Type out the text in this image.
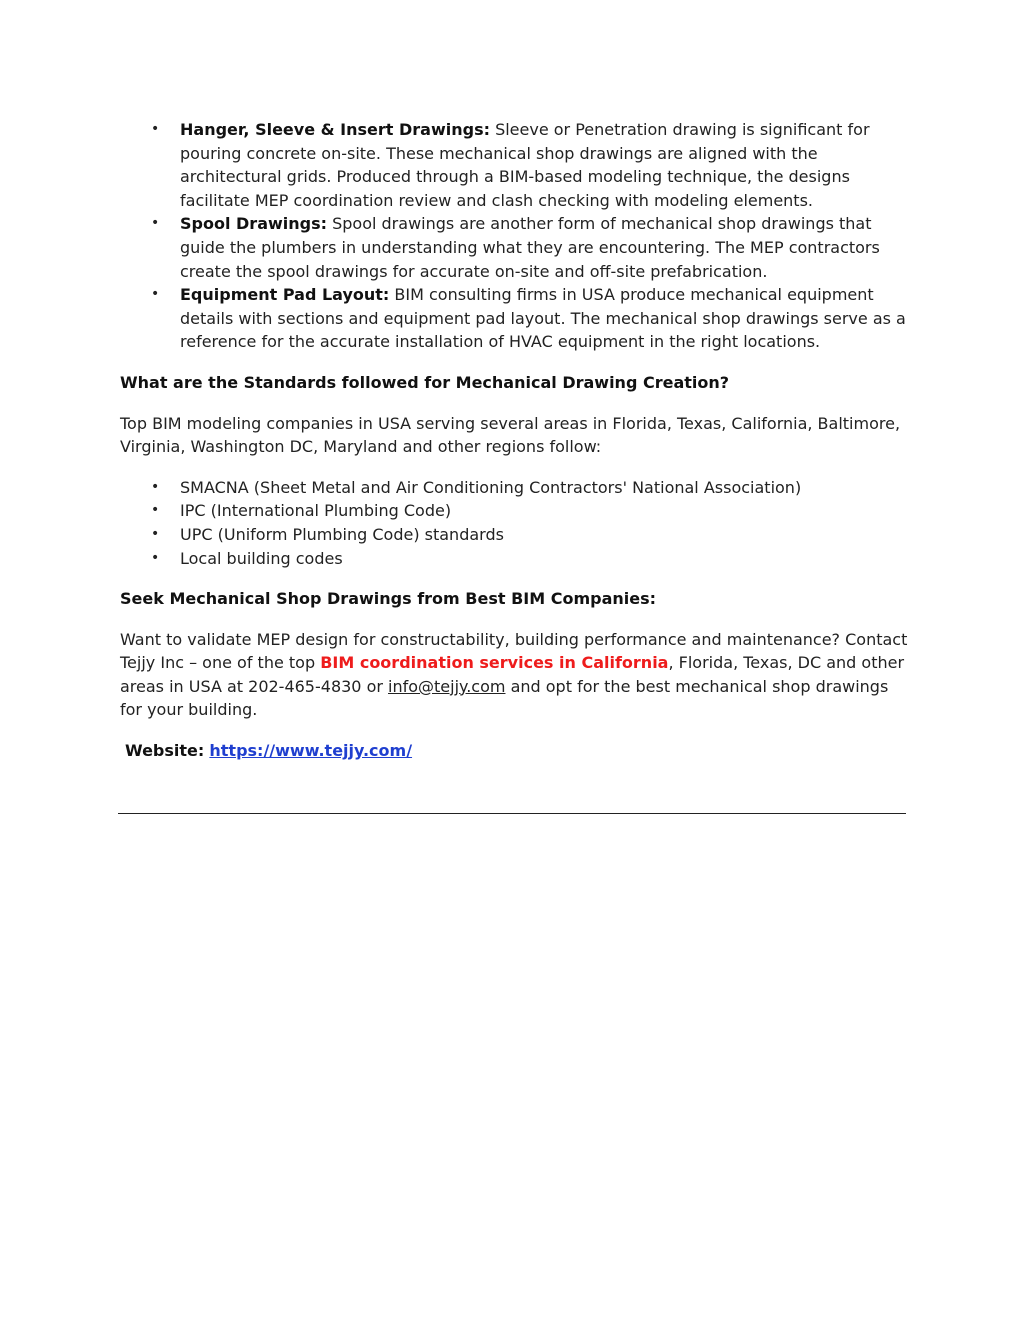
• Hanger, Sleeve & Insert Drawings: Sleeve or Penetration drawing is significant for pouring concrete on-site. These mechanical shop drawings are aligned with the architectural grids. Produced through a BIM-based modeling technique, the designs facilitate MEP coordination review and clash checking with modeling elements.
• Spool Drawings: Spool drawings are another form of mechanical shop drawings that guide the plumbers in understanding what they are encountering. The MEP contractors create the spool drawings for accurate on-site and off-site prefabrication.
• Equipment Pad Layout: BIM consulting firms in USA produce mechanical equipment details with sections and equipment pad layout. The mechanical shop drawings serve as a reference for the accurate installation of HVAC equipment in the right locations.

What are the Standards followed for Mechanical Drawing Creation?

Top BIM modeling companies in USA serving several areas in Florida, Texas, California, Baltimore, Virginia, Washington DC, Maryland and other regions follow:

• SMACNA (Sheet Metal and Air Conditioning Contractors' National Association)
• IPC (International Plumbing Code)
• UPC (Uniform Plumbing Code) standards
• Local building codes

Seek Mechanical Shop Drawings from Best BIM Companies:

Want to validate MEP design for constructability, building performance and maintenance? Contact Tejjy Inc – one of the top BIM coordination services in California, Florida, Texas, DC and other areas in USA at 202-465-4830 or info@tejjy.com and opt for the best mechanical shop drawings for your building.

Website: https://www.tejjy.com/
